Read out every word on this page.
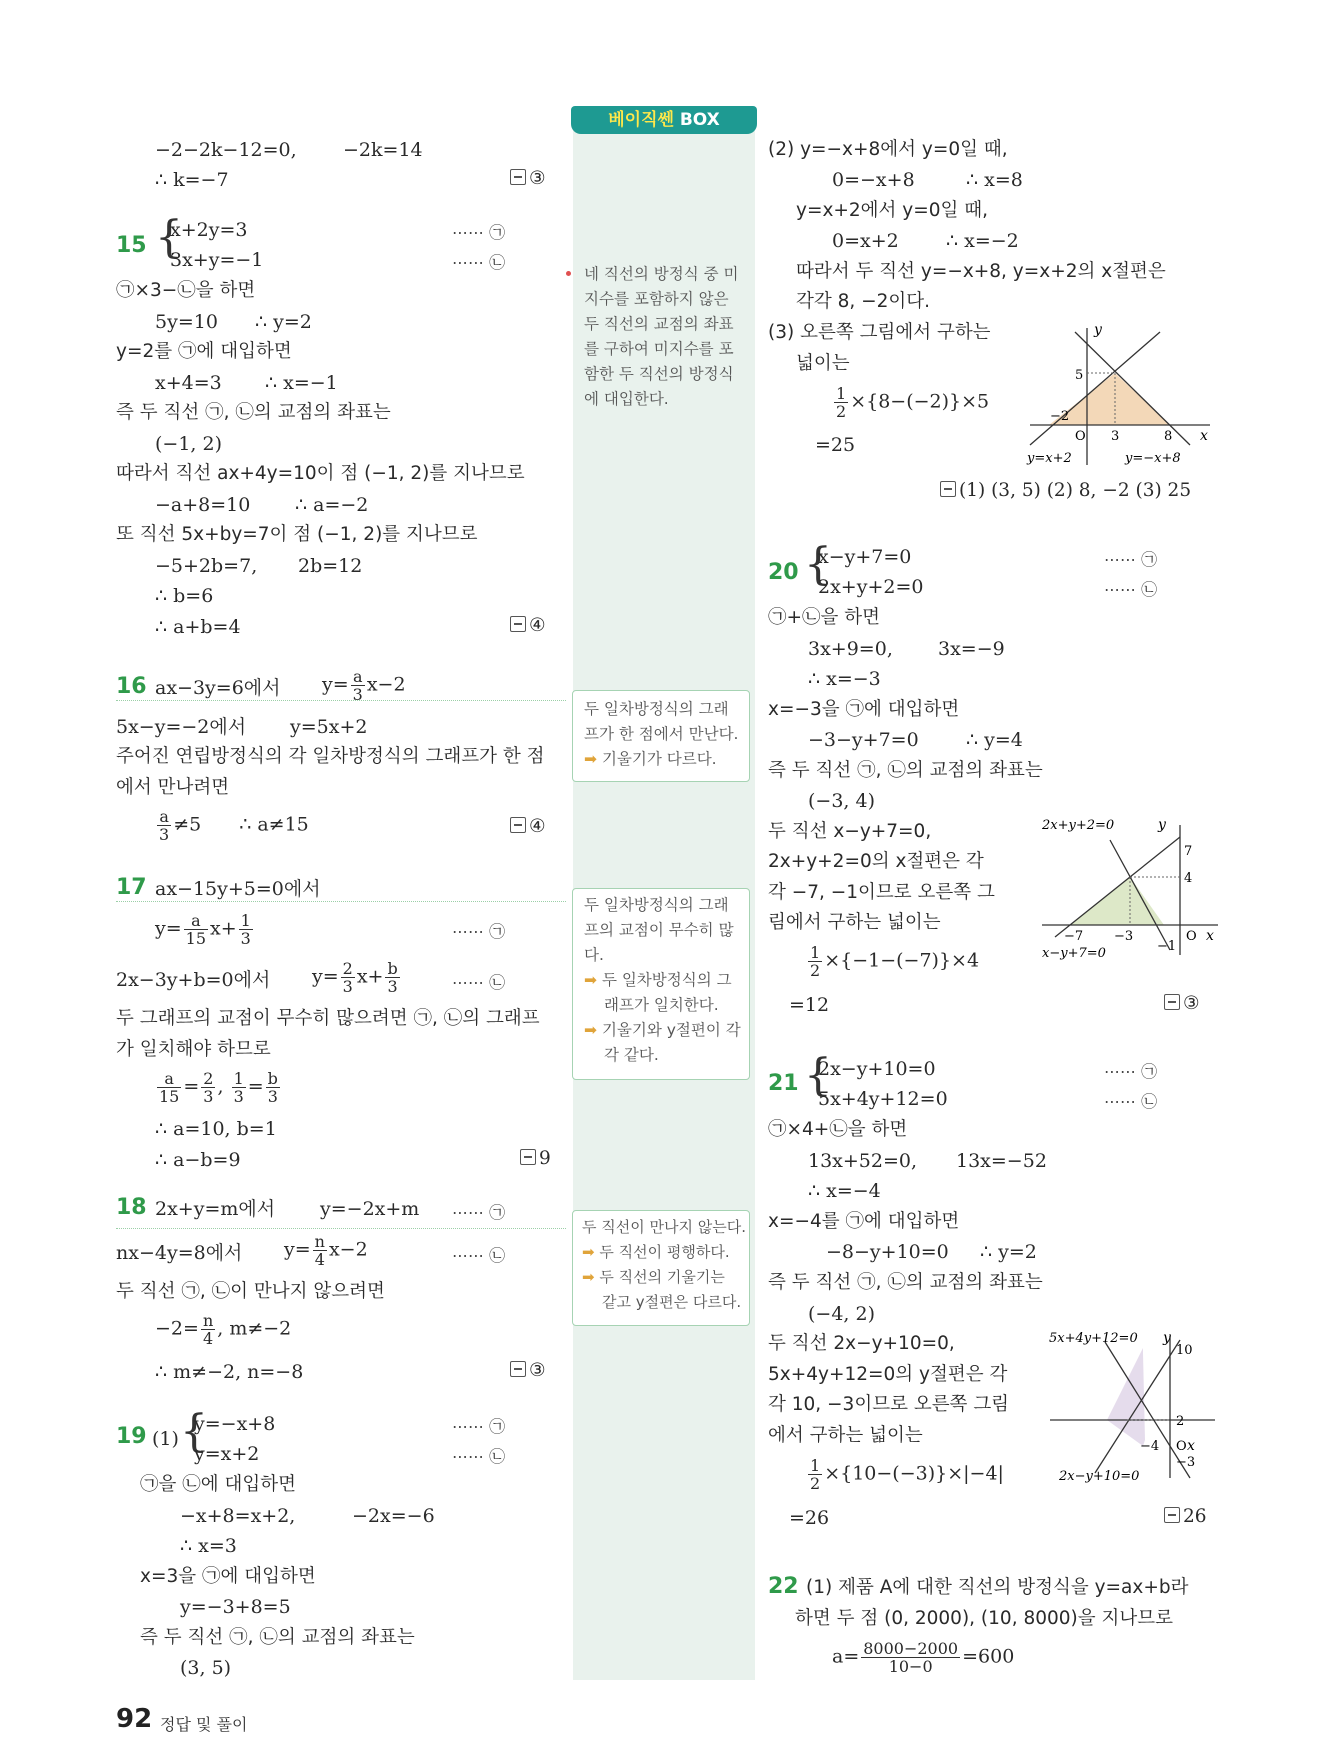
베이직쎈 BOX
네 직선의 방정식 중 미
지수를 포함하지 않은
두 직선의 교점의 좌표
를 구하여 미지수를 포
함한 두 직선의 방정식
에 대입한다.
두 일차방정식의 그래
프가 한 점에서 만난다.
➡ 기울기가 다르다.
두 일차방정식의 그래
프의 교점이 무수히 많
다.
➡ 두 일차방정식의 그
래프가 일치한다.
➡ 기울기와 y절편이 각
각 같다.
두 직선이 만나지 않는다.
➡ 두 직선이 평행하다.
➡ 두 직선의 기울기는
같고 y절편은 다르다.
−2−2k−12=0, −2k=14
∴ k=−7	③
15 {
x+2y=3
3x+y=−1
⋯⋯ ㉠
⋯⋯ ㉡
㉠×3−㉡을 하면
5y=10 ∴ y=2
y=2를 ㉠에 대입하면
x+4=3 ∴ x=−1
즉 두 직선 ㉠, ㉡의 교점의 좌표는
(−1, 2)
따라서 직선 ax+4y=10이 점 (−1, 2)를 지나므로
−a+8=10 ∴ a=−2
또 직선 5x+by=7이 점 (−1, 2)를 지나므로
−5+2b=7, 2b=12
∴ b=6
∴ a+b=4	④
16 ax−3y=6에서 $y= \frac{a}{3} x-2$
5x−y=−2에서 y=5x+2
주어진 연립방정식의 각 일차방정식의 그래프가 한 점
에서 만나려면
$\frac{a}{3} \ne 5$ ∴ a≠15	④
17 ax−15y+5=0에서
$y= \frac{a}{15} x+ \frac{1}{3}$	⋯⋯ ㉠
2x−3y+b=0에서 $y= \frac{2}{3} x+ \frac{b}{3}$	⋯⋯ ㉡
두 그래프의 교점이 무수히 많으려면 ㉠, ㉡의 그래프
가 일치해야 하므로
$\frac{a}{15} = \frac{2}{3}$ , $\frac{1}{3} = \frac{b}{3}$
∴ a=10, b=1
∴ a−b=9	9
18 2x+y=m에서 y=−2x+m ⋯⋯ ㉠
nx−4y=8에서 $y= \frac{n}{4} x-2$	⋯⋯ ㉡
두 직선 ㉠, ㉡이 만나지 않으려면
$-2= \frac{n}{4}$ , m≠−2
∴ m≠−2, n=−8	③
19 (1) {
y=−x+8
y=x+2
⋯⋯ ㉠
⋯⋯ ㉡
㉠을 ㉡에 대입하면
−x+8=x+2,	−2x=−6
∴ x=3
x=3을 ㉠에 대입하면
y=−3+8=5
즉 두 직선 ㉠, ㉡의 교점의 좌표는
(3, 5)
(2) y=−x+8에서 y=0일 때,
0=−x+8	∴ x=8
y=x+2에서 y=0일 때,
0=x+2 ∴ x=−2
따라서 두 직선 y=−x+8, y=x+2의 x절편은
각각 8, −2이다.
(3) 오른쪽 그림에서 구하는
넓이는
$\frac{1}{2} \times\{8-(-2)\}\times 5$
=25
y
x
5
−2
O 3	8
y=x+2	y=−x+8
(1) (3, 5) (2) 8, −2 (3) 25
20 {
x−y+7=0
2x+y+2=0
⋯⋯ ㉠
⋯⋯ ㉡
㉠+㉡을 하면
3x+9=0, 3x=−9
∴ x=−3
x=−3을 ㉠에 대입하면
−3−y+7=0 ∴ y=4
즉 두 직선 ㉠, ㉡의 교점의 좌표는
(−3, 4)
두 직선 x−y+7=0,
2x+y+2=0의 x절편은 각
각 −7, −1이므로 오른쪽 그
림에서 구하는 넓이는
$\frac{1}{2} \times\{-1-(-7)\}\times 4$
=12	③
2x+y+2=0	y
x
7
4
−7 −3
−1
O
x−y+7=0
21 {
2x−y+10=0
5x+4y+12=0
⋯⋯ ㉠
⋯⋯ ㉡
㉠×4+㉡을 하면
13x+52=0, 13x=−52
∴ x=−4
x=−4를 ㉠에 대입하면
−8−y+10=0 ∴ y=2
즉 두 직선 ㉠, ㉡의 교점의 좌표는
(−4, 2)
두 직선 2x−y+10=0,
5x+4y+12=0의 y절편은 각
각 10, −3이므로 오른쪽 그림
에서 구하는 넓이는
$\frac{1}{2} \times\{10-(-3)\}\times|-4|$
=26	26
5x+4y+12=0 y
10
2
−4 x
O
−3
2x−y+10=0
22 (1) 제품 A에 대한 직선의 방정식을 y=ax+b라
하면 두 점 (0, 2000), (10, 8000)을 지나므로
$a= \frac{8000-2000}{10-0} =600$
92 정답 및 풀이
